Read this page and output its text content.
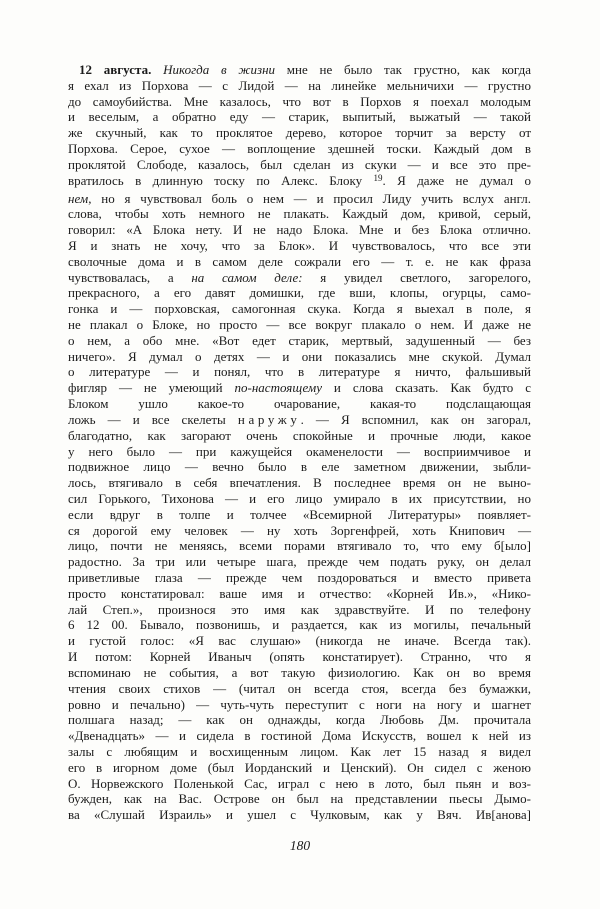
12 августа. Никогда в жизни мне не было так грустно, как когда
я ехал из Порхова — с Лидой — на линейке мельничихи — грустно
до самоубийства. Мне казалось, что вот в Порхов я поехал молодым
и веселым, а обратно еду — старик, выпитый, выжатый — такой
же скучный, как то проклятое дерево, которое торчит за версту от
Порхова. Серое, сухое — воплощение здешней тоски. Каждый дом в
проклятой Слободе, казалось, был сделан из скуки — и все это пре-
вратилось в длинную тоску по Алекс. Блоку $^{19}$. Я даже не думал о
нем, но я чувствовал боль о нем — и просил Лиду учить вслух англ.
слова, чтобы хоть немного не плакать. Каждый дом, кривой, серый,
говорил: «А Блока нету. И не надо Блока. Мне и без Блока отлично.
Я и знать не хочу, что за Блок». И чувствовалось, что все эти
сволочные дома и в самом деле сожрали его — т. е. не как фраза
чувствовалась, а на самом деле: я увидел светлого, загорелого,
прекрасного, а его давят домишки, где вши, клопы, огурцы, само-
гонка и — порховская, самогонная скука. Когда я выехал в поле, я
не плакал о Блоке, но просто — все вокруг плакало о нем. И даже не
о нем, а обо мне. «Вот едет старик, мертвый, задушенный — без
ничего». Я думал о детях — и они показались мне скукой. Думал
о литературе — и понял, что в литературе я ничто, фальшивый
фигляр — не умеющий по-настоящему и слова сказать. Как будто с
Блоком ушло какое-то очарование, какая-то подслащающая
ложь — и все скелеты наружу. — Я вспомнил, как он загорал,
благодатно, как загорают очень спокойные и прочные люди, какое
у него было — при кажущейся окаменелости — восприимчивое и
подвижное лицо — вечно было в еле заметном движении, зыбли-
лось, втягивало в себя впечатления. В последнее время он не выно-
сил Горького, Тихонова — и его лицо умирало в их присутствии, но
если вдруг в толпе и толчее «Всемирной Литературы» появляет-
ся дорогой ему человек — ну хоть Зоргенфрей, хоть Книпович —
лицо, почти не меняясь, всеми порами втягивало то, что ему б[ыло]
радостно. За три или четыре шага, прежде чем подать руку, он делал
приветливые глаза — прежде чем поздороваться и вместо привета
просто констатировал: ваше имя и отчество: «Корней Ив.», «Нико-
лай Степ.», произнося это имя как здравствуйте. И по телефону
6 12 00. Бывало, позвонишь, и раздается, как из могилы, печальный
и густой голос: «Я вас слушаю» (никогда не иначе. Всегда так).
И потом: Корней Иваныч (опять констатирует). Странно, что я
вспоминаю не события, а вот такую физиологию. Как он во время
чтения своих стихов — (читал он всегда стоя, всегда без бумажки,
ровно и печально) — чуть-чуть переступит с ноги на ногу и шагнет
полшага назад; — как он однажды, когда Любовь Дм. прочитала
«Двенадцать» — и сидела в гостиной Дома Искусств, вошел к ней из
залы с любящим и восхищенным лицом. Как лет 15 назад я видел
его в игорном доме (был Иорданский и Ценский). Он сидел с женою
О. Норвежского Поленькой Сас, играл с нею в лото, был пьян и воз-
бужден, как на Вас. Острове он был на представлении пьесы Дымо-
ва «Слушай Израиль» и ушел с Чулковым, как у Вяч. Ив[анова]
180
